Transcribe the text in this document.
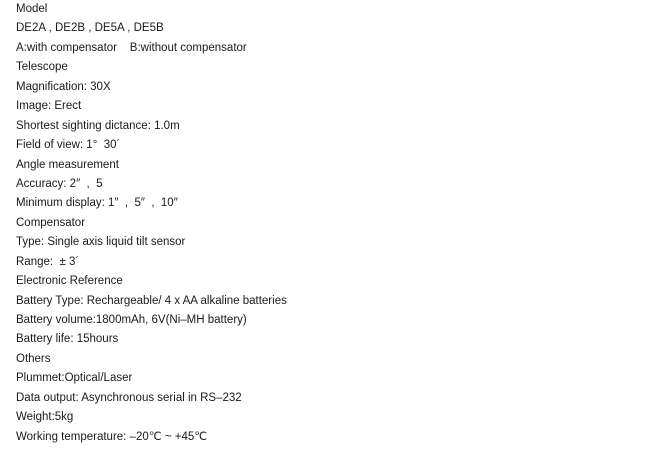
Model
DE2A , DE2B , DE5A , DE5B
A:with compensator    B:without compensator
Telescope
Magnification: 30X
Image: Erect
Shortest sighting dictance: 1.0m
Field of view: 1°  30´
Angle measurement
Accuracy: 2″  ,  5
Minimum display: 1″  ,  5″  ,  10″
Compensator
Type: Single axis liquid tilt sensor
Range:  ± 3´
Electronic Reference
Battery Type: Rechargeable/ 4 x AA alkaline batteries
Battery volume:1800mAh, 6V(Ni–MH battery)
Battery life: 15hours
Others
Plummet:Optical/Laser
Data output: Asynchronous serial in RS–232
Weight:5kg
Working temperature: –20℃ ~ +45℃
